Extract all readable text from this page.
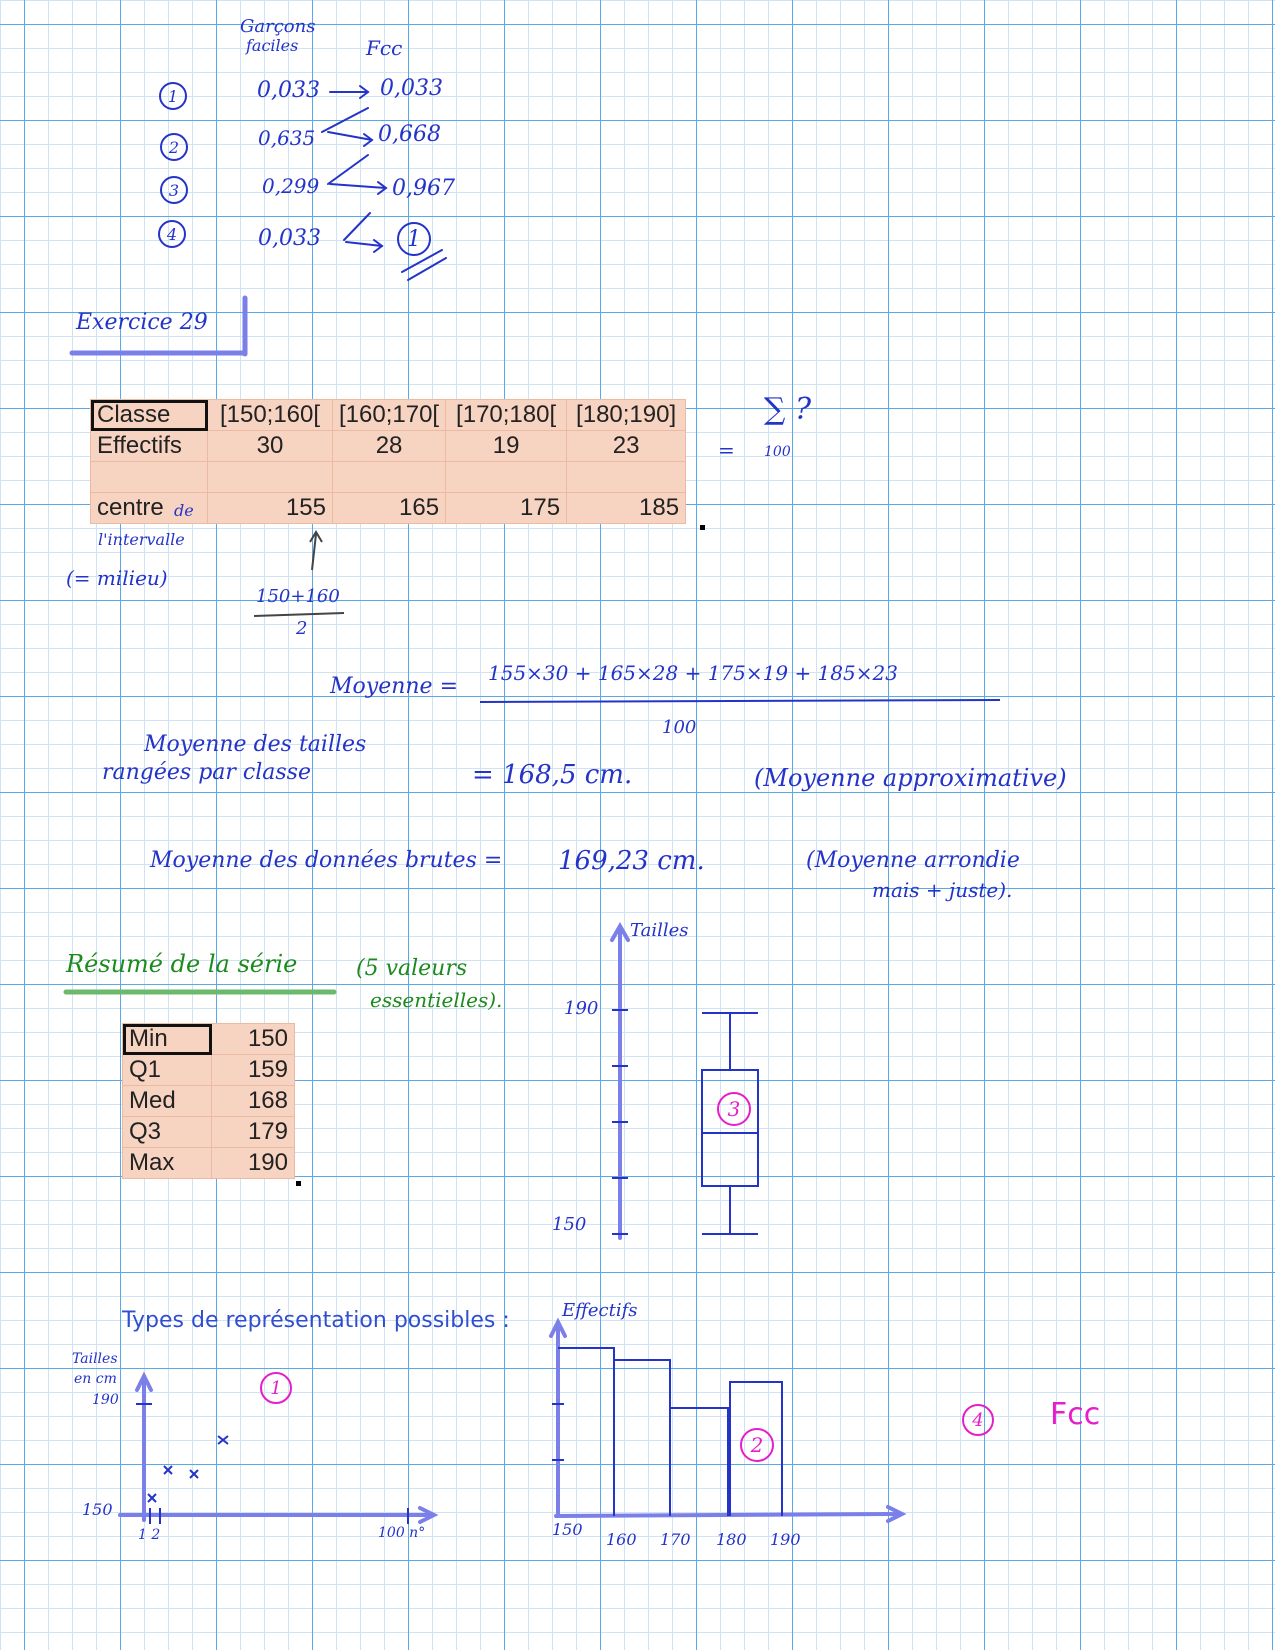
Garçons
faciles	Fcc
1
2
3
4
0,033	0,033
0,635	0,668
0,299	0,967
0,033	1
Exercice 29
Classe	[150;160[	[160;170[	[170;180[	[180;190]
Effectifs	30	28	19	23

centre	155	165	175	185
de
l'intervalle
(= milieu)
∑ ?
= 100
150+160
2
Moyenne =
155×30 + 165×28 + 175×19 + 185×23
100
Moyenne des tailles
rangées par classe	= 168,5 cm.	(Moyenne approximative)
Moyenne des données brutes = 169,23 cm.	(Moyenne arrondie
mais + juste).
Résumé de la série	(5 valeurs
essentielles).
Min	150
Q1	159
Med	168
Q3	179
Max	190
Tailles
190
150
3
Types de représentation possibles :
Tailles
en cm
190
150
1 2	100 n°
1
Effectifs
150
160 170 180 190
2
4	Fcc
